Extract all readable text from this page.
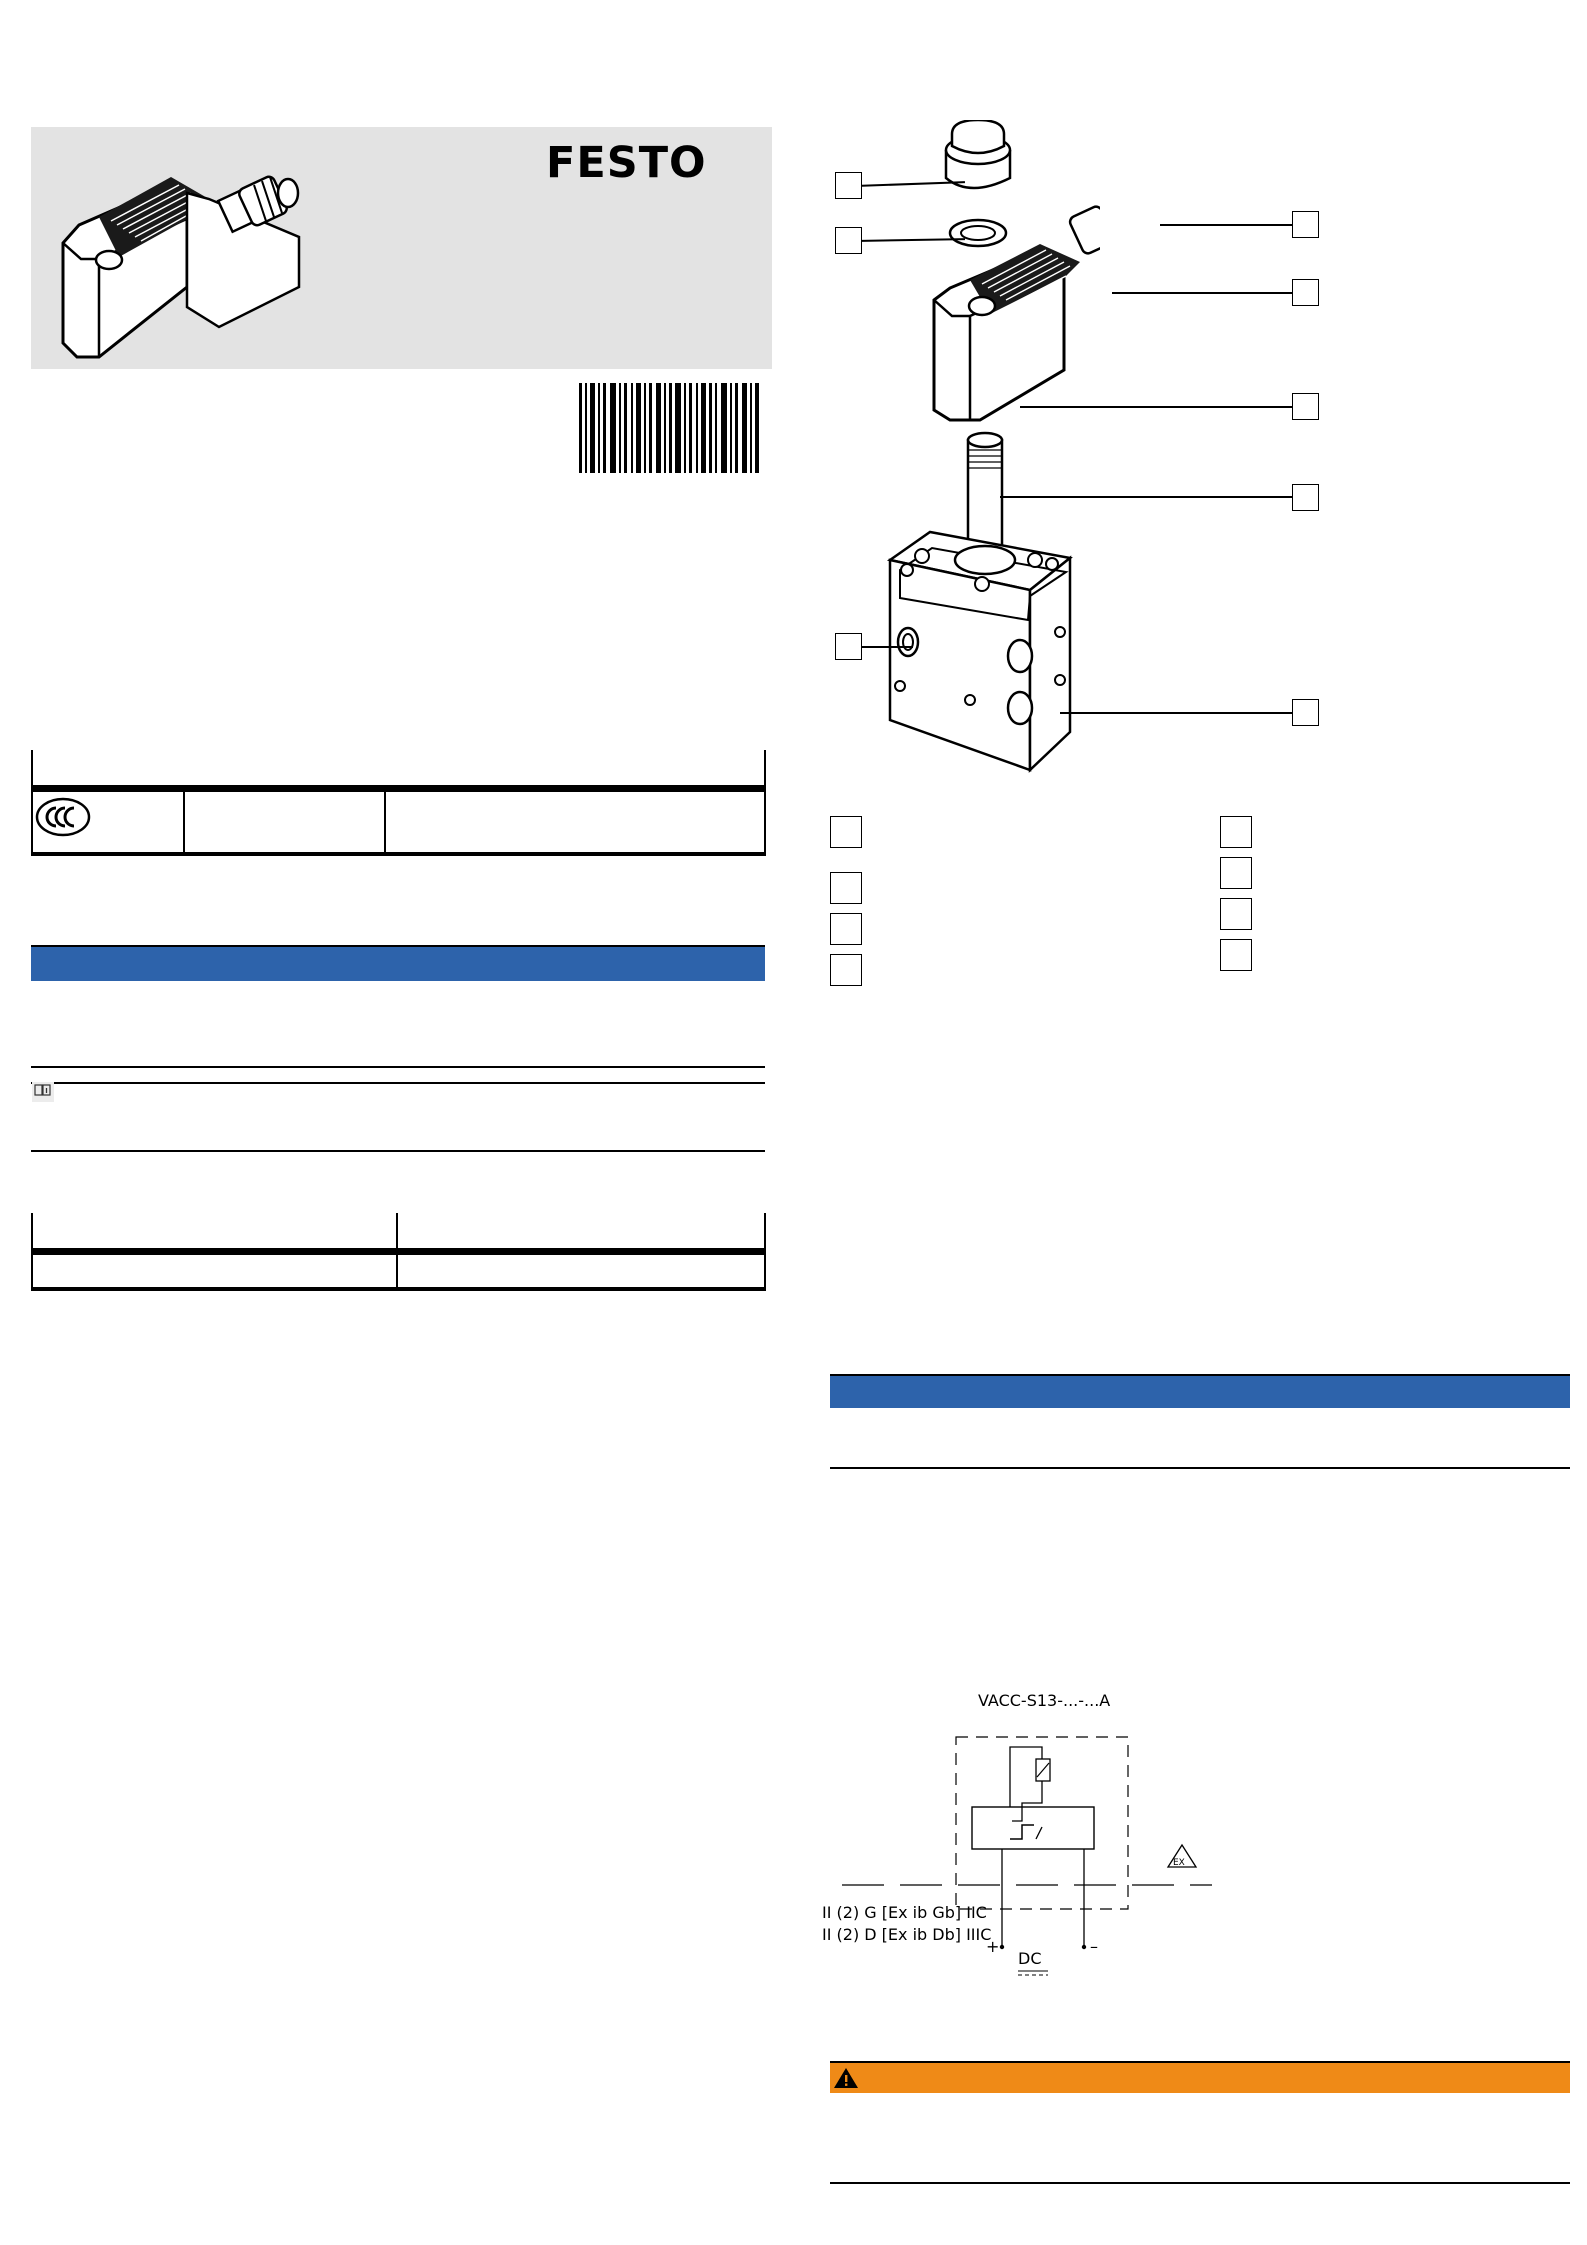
FESTO
EX
VACC-S13-...-...A
II (2) G [Ex ib Gb] IIC
II (2) D [Ex ib Db] IIIC
+	–
DC
